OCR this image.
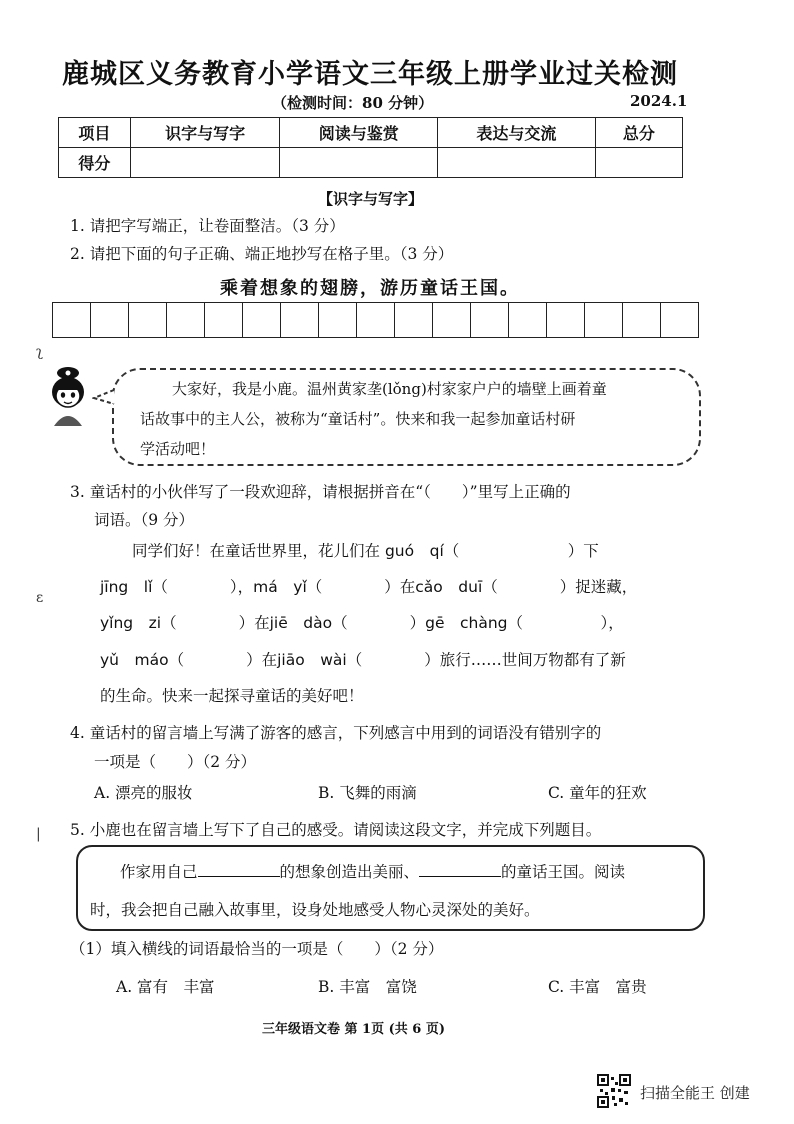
鹿城区义务教育小学语文三年级上册学业过关检测
（检测时间：80 分钟）	2024.1
项目	识字与写字	阅读与鉴赏	表达与交流	总分
得分				
【识字与写字】
1. 请把字写端正，让卷面整洁。（3 分）
2. 请把下面的句子正确、端正地抄写在格子里。（3 分）
乘着想象的翅膀，游历童话王国。
ʅ
大家好，我是小鹿。温州黄家垄(lǒng)村家家户户的墙壁上画着童
话故事中的主人公，被称为“童话村”。快来和我一起参加童话村研
学活动吧！
3. 童话村的小伙伴写了一段欢迎辞，请根据拼音在“（　　）”里写上正确的
词语。（9 分）
同学们好！在童话世界里，花儿们在 guó　qí（　　　　　　　）下
jīng　lǐ（　　　　），má　yǐ（　　　　）在cǎo　duī（　　　　）捉迷藏，
yǐng　zi（　　　　）在jiē　dào（　　　　）gē　chàng（　　　　　），
yǔ　máo（　　　　）在jiāo　wài（　　　　）旅行……世间万物都有了新
的生命。快来一起探寻童话的美好吧！
ɛ
4. 童话村的留言墙上写满了游客的感言，下列感言中用到的词语没有错别字的
一项是（　　）（2 分）
A. 漂亮的服妆	B. 飞舞的雨滴	C. 童年的狂欢
| 5. 小鹿也在留言墙上写下了自己的感受。请阅读这段文字，并完成下列题目。
作家用自己	的想象创造出美丽、	的童话王国。阅读
时，我会把自己融入故事里，设身处地感受人物心灵深处的美好。
（1）填入横线的词语最恰当的一项是（　　）（2 分）
A. 富有　丰富	B. 丰富　富饶	C. 丰富　富贵
三年级语文卷 第 1页 (共 6 页)
扫描全能王 创建
